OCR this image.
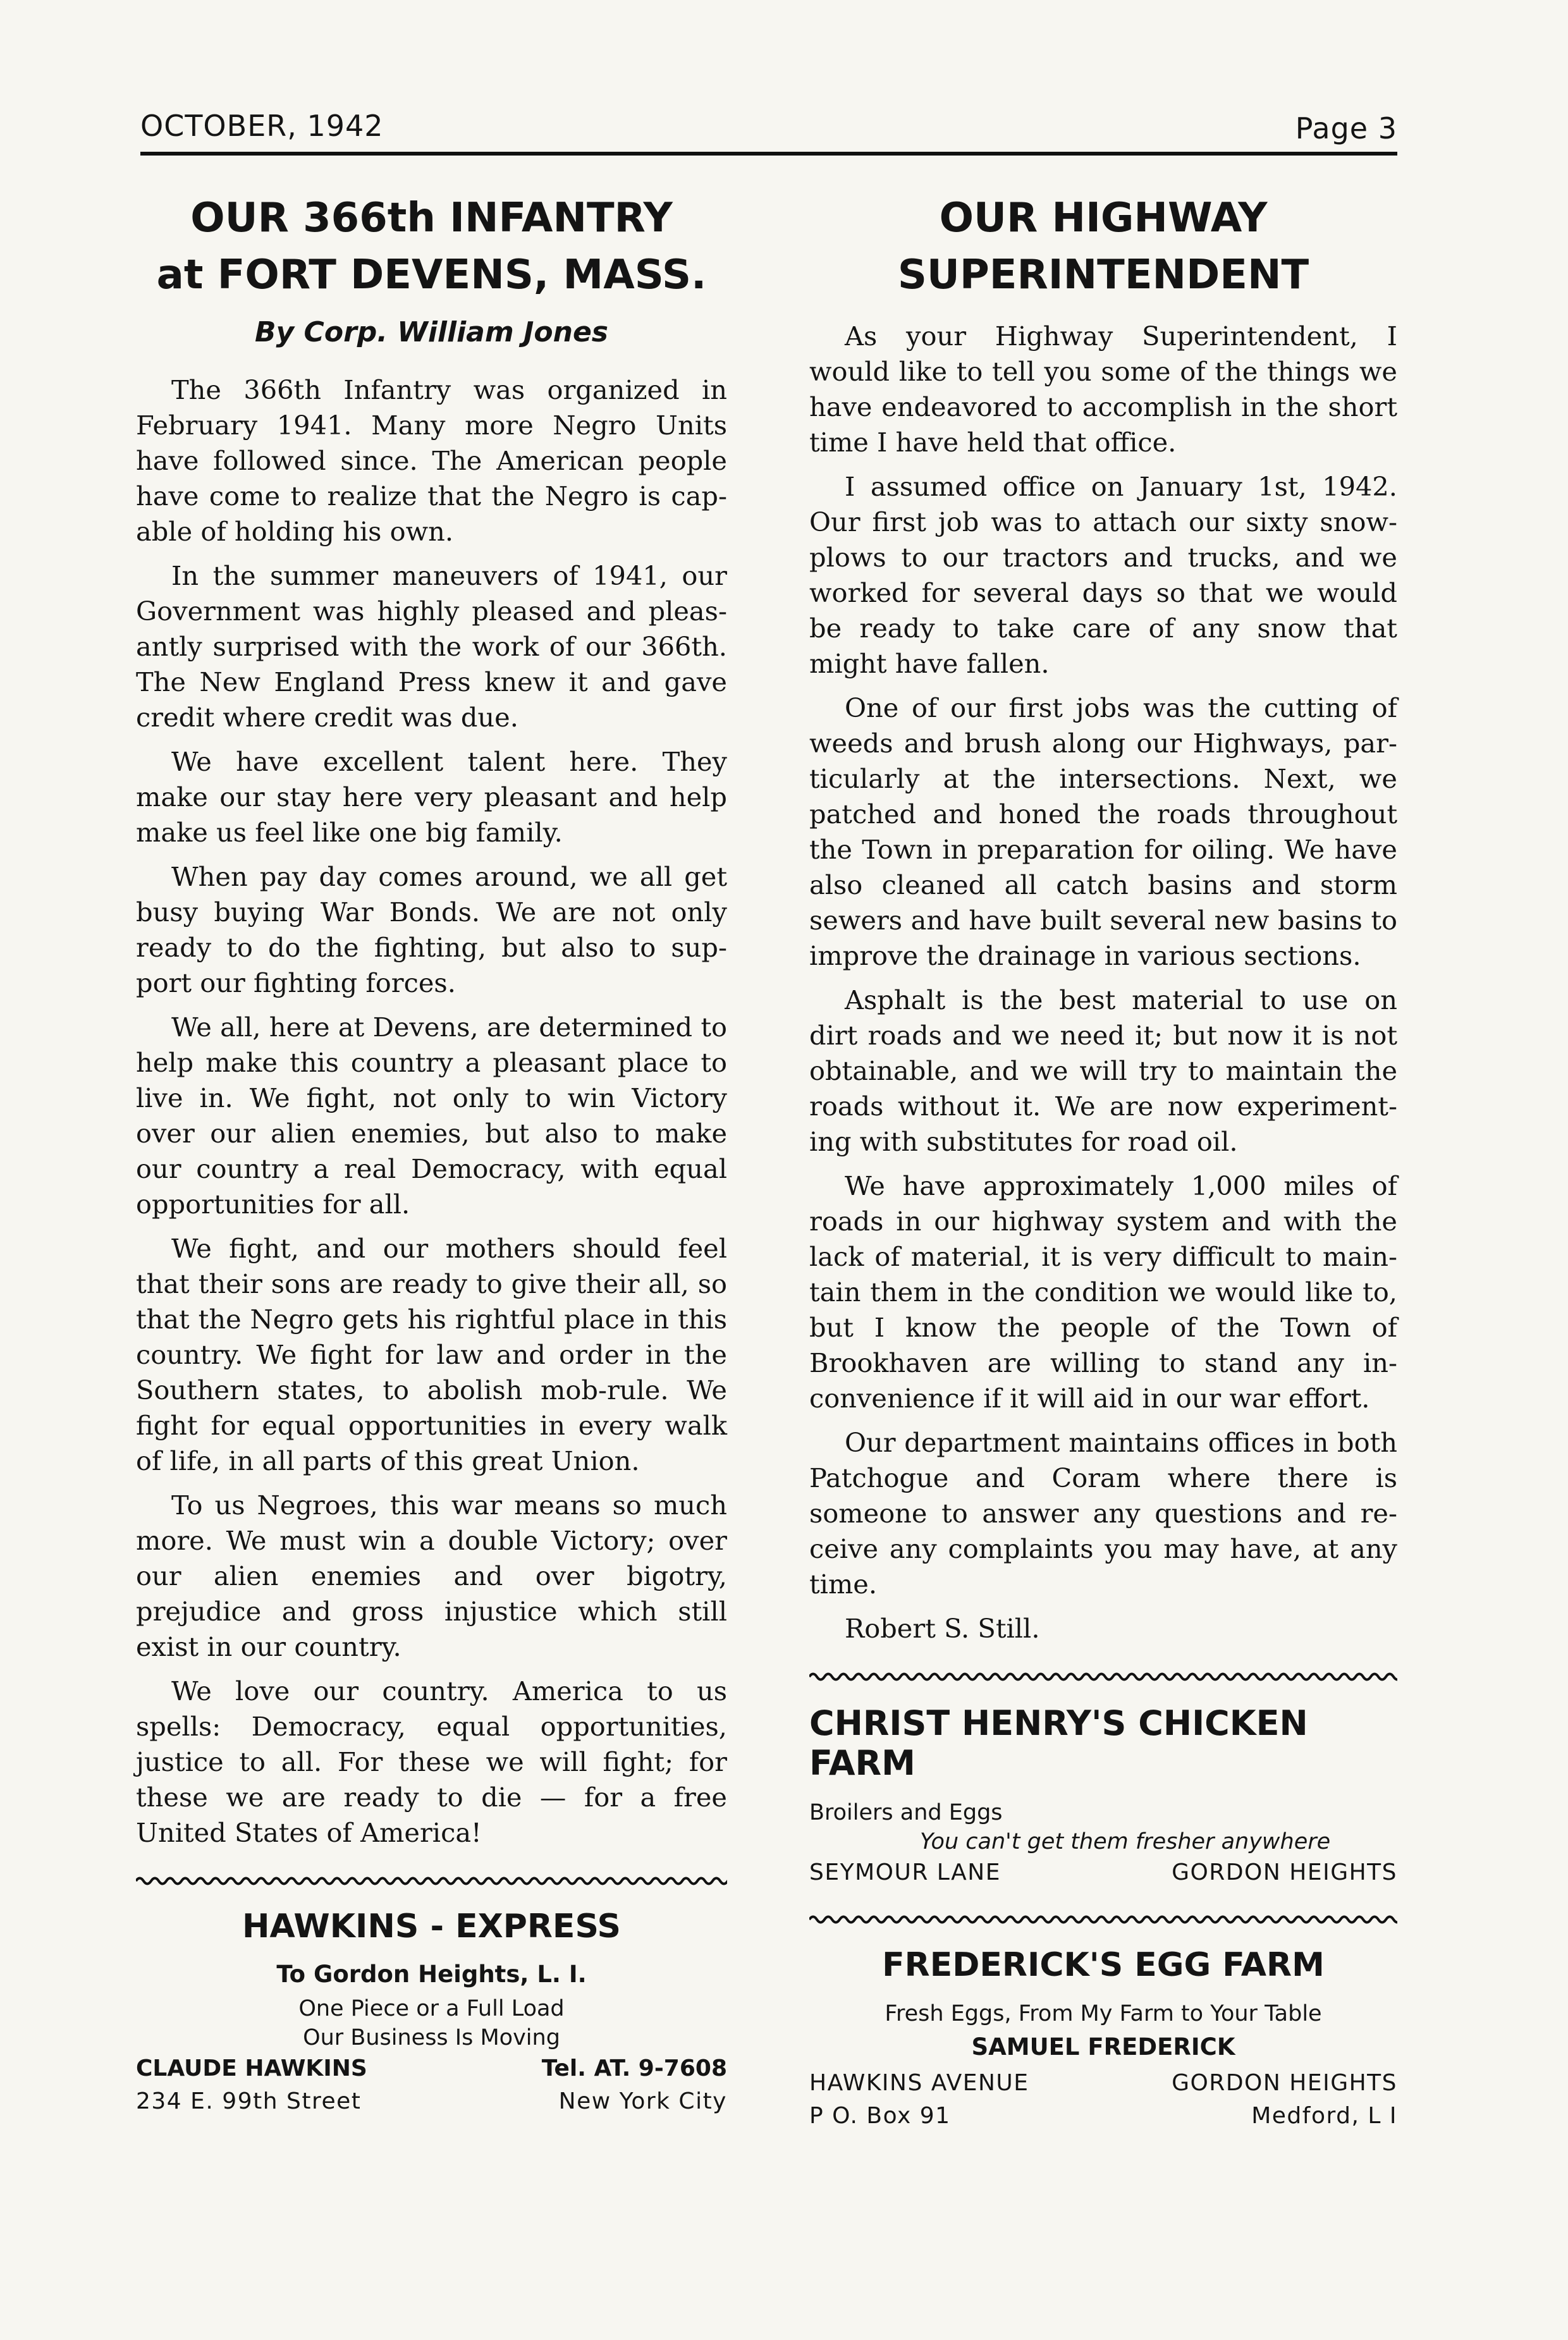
OCTOBER, 1942	Page 3
OUR 366th INFANTRY
at FORT DEVENS, MASS.
By Corp. William Jones

The 366th Infantry was organized in February 1941. Many more Negro Units have followed since. The American people have come to realize that the Negro is cap-able of holding his own.

In the summer maneuvers of 1941, our Government was highly pleased and pleas-antly surprised with the work of our 366th. The New England Press knew it and gave credit where credit was due.

We have excellent talent here. They make our stay here very pleasant and help make us feel like one big family.

When pay day comes around, we all get busy buying War Bonds. We are not only ready to do the fighting, but also to sup-port our fighting forces.

We all, here at Devens, are determined to help make this country a pleasant place to live in. We fight, not only to win Victory over our alien enemies, but also to make our country a real Democracy, with equal opportunities for all.

We fight, and our mothers should feel that their sons are ready to give their all, so that the Negro gets his rightful place in this country. We fight for law and order in the Southern states, to abolish mob-rule. We fight for equal opportunities in every walk of life, in all parts of this great Union.

To us Negroes, this war means so much more. We must win a double Victory; over our alien enemies and over bigotry, prejudice and gross injustice which still exist in our country.

We love our country. America to us spells: Democracy, equal opportunities, justice to all. For these we will fight; for these we are ready to die — for a free United States of America!

HAWKINS - EXPRESS
To Gordon Heights, L. I.

One Piece or a Full Load

Our Business Is Moving

CLAUDE HAWKINS	Tel. AT. 9-7608
234 E. 99th Street	New York City
OUR HIGHWAY
SUPERINTENDENT

As your Highway Superintendent, I would like to tell you some of the things we have endeavored to accomplish in the short time I have held that office.

I assumed office on January 1st, 1942. Our first job was to attach our sixty snow-plows to our tractors and trucks, and we worked for several days so that we would be ready to take care of any snow that might have fallen.

One of our first jobs was the cutting of weeds and brush along our Highways, par-ticularly at the intersections. Next, we patched and honed the roads throughout the Town in preparation for oiling. We have also cleaned all catch basins and storm sewers and have built several new basins to improve the drainage in various sections.

Asphalt is the best material to use on dirt roads and we need it; but now it is not obtainable, and we will try to maintain the roads without it. We are now experiment-ing with substitutes for road oil.

We have approximately 1,000 miles of roads in our highway system and with the lack of material, it is very difficult to main-tain them in the condition we would like to, but I know the people of the Town of Brookhaven are willing to stand any in-convenience if it will aid in our war effort.

Our department maintains offices in both Patchogue and Coram where there is someone to answer any questions and re-ceive any complaints you may have, at any time.

Robert S. Still.

CHRIST HENRY'S CHICKEN FARM

Broilers and Eggs

You can't get them fresher anywhere

SEYMOUR LANE	GORDON HEIGHTS
FREDERICK'S EGG FARM

Fresh Eggs, From My Farm to Your Table

SAMUEL FREDERICK
HAWKINS AVENUE	GORDON HEIGHTS
P O. Box 91	Medford, L I
